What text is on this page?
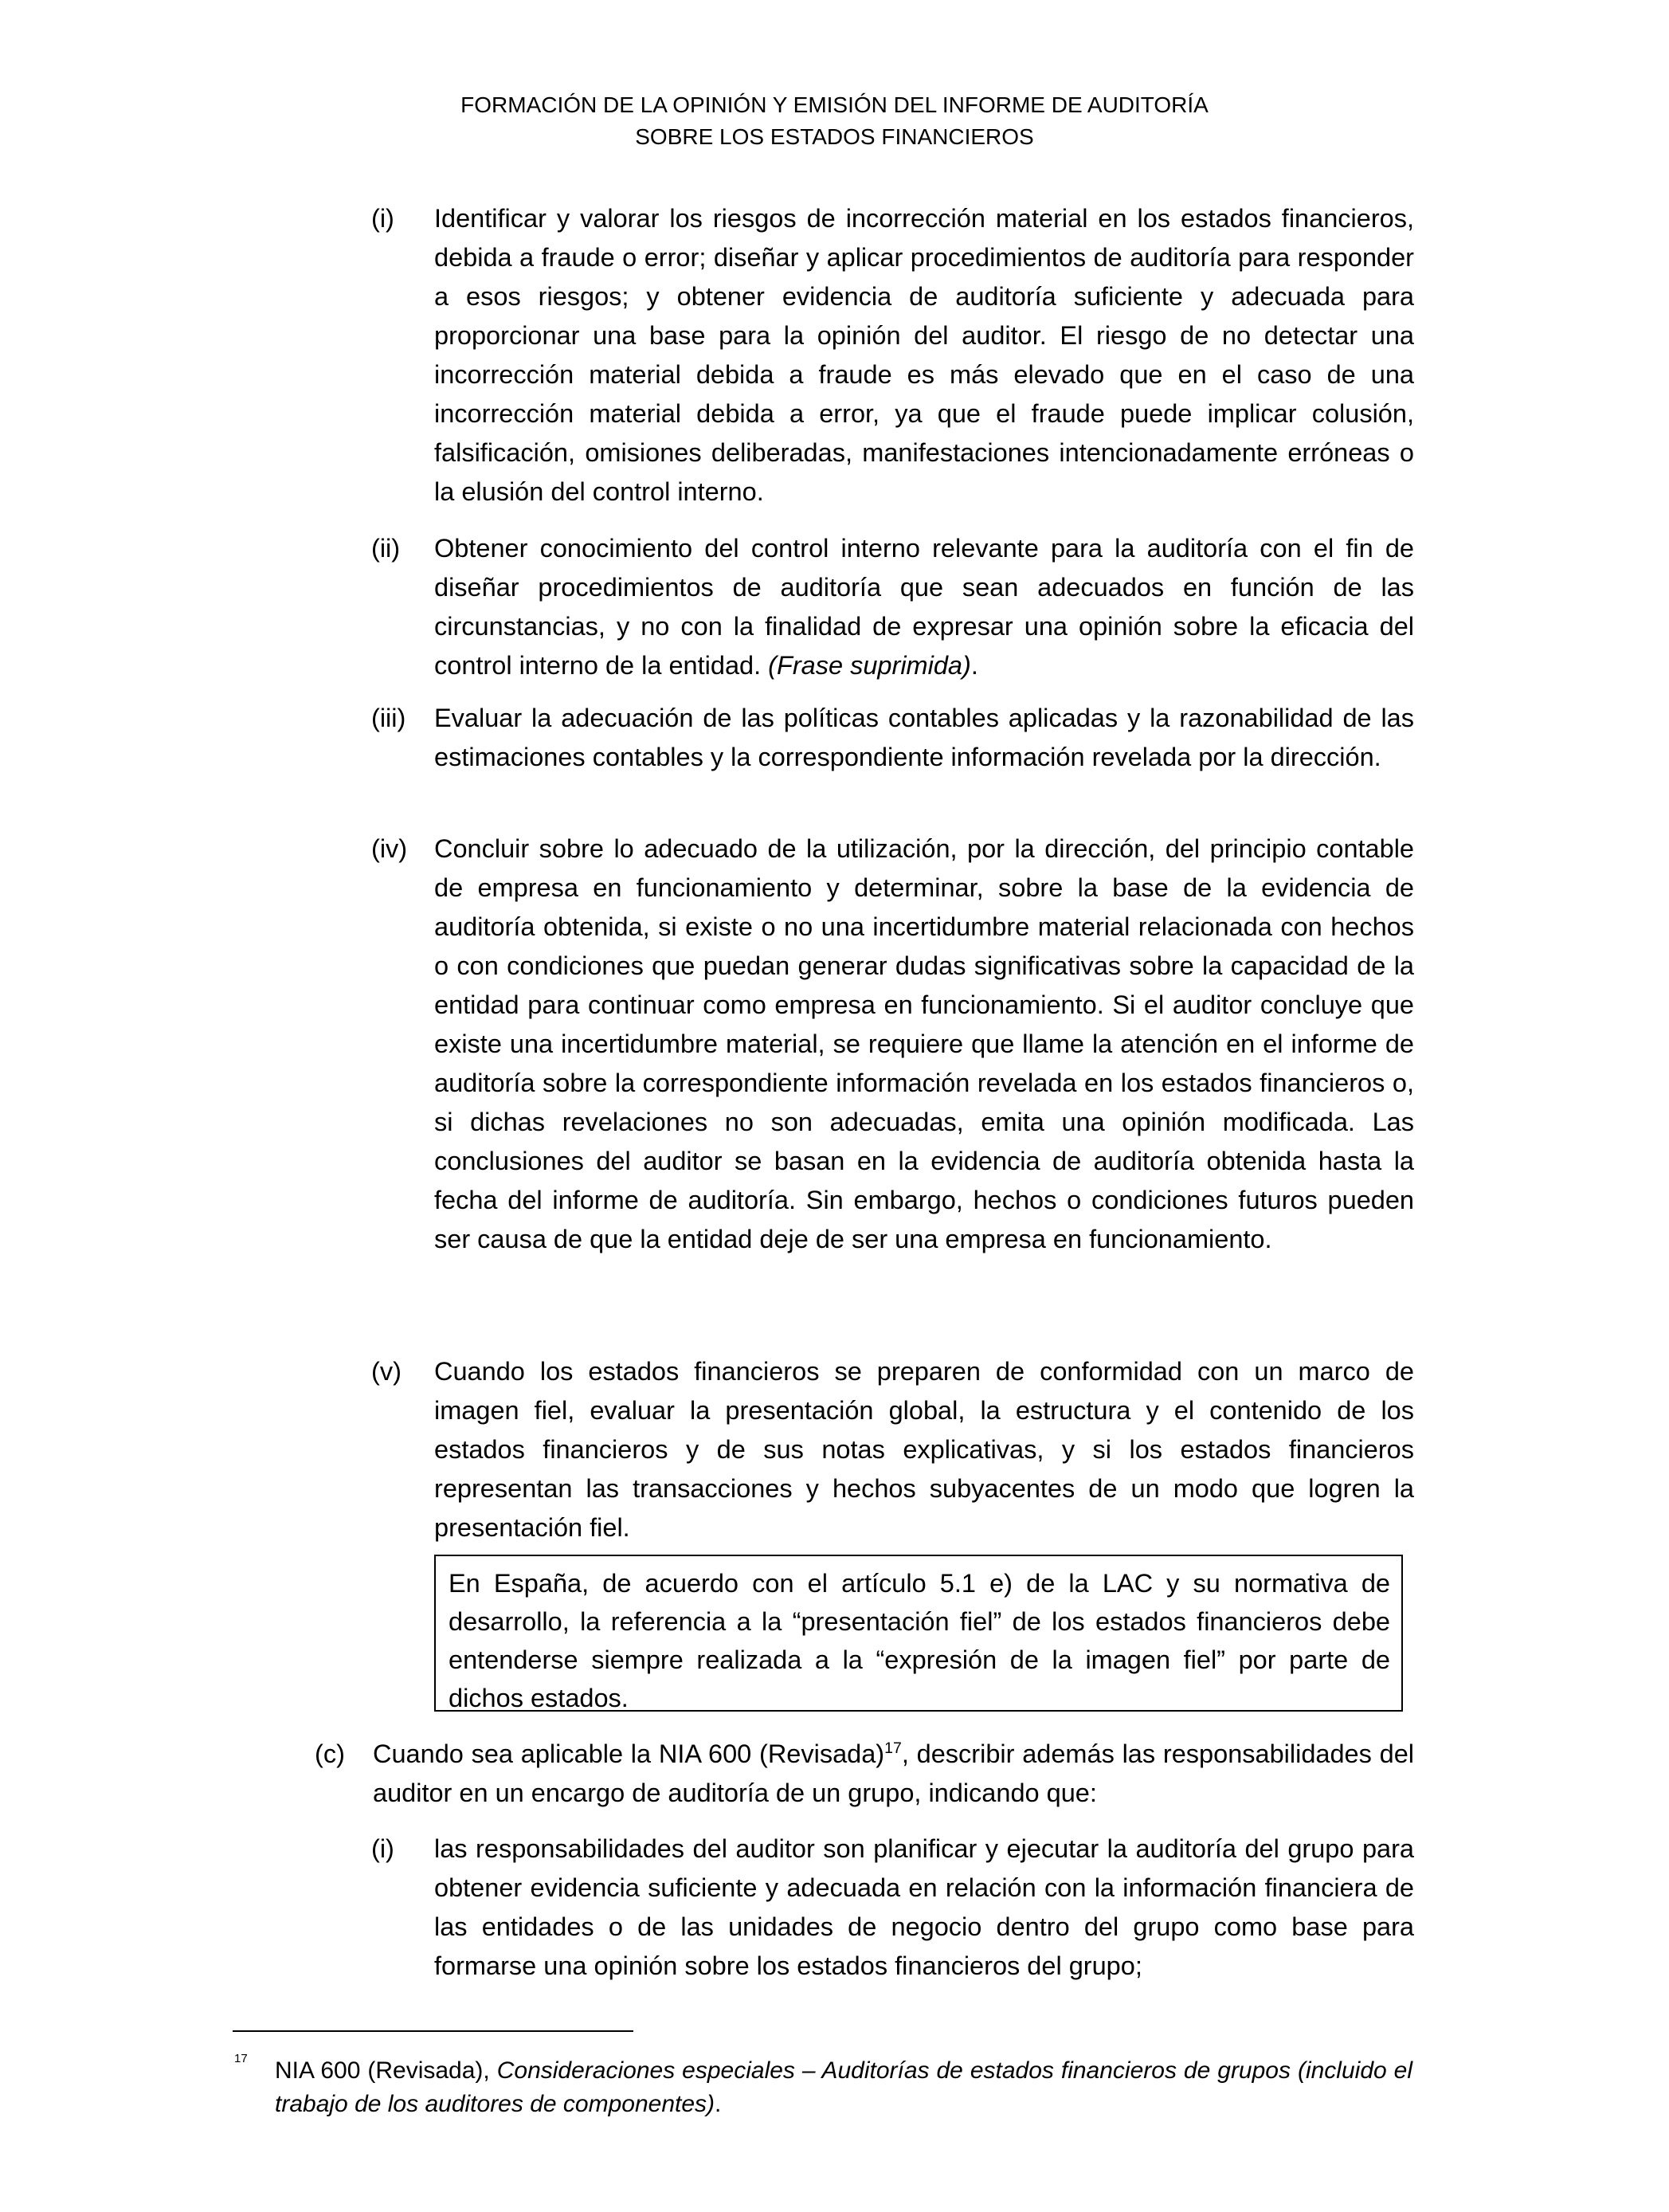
FORMACIÓN DE LA OPINIÓN Y EMISIÓN DEL INFORME DE AUDITORÍA
SOBRE LOS ESTADOS FINANCIEROS
(i) Identificar y valorar los riesgos de incorrección material en los estados financieros, debida a fraude o error; diseñar y aplicar procedimientos de auditoría para responder a esos riesgos; y obtener evidencia de auditoría suficiente y adecuada para proporcionar una base para la opinión del auditor. El riesgo de no detectar una incorrección material debida a fraude es más elevado que en el caso de una incorrección material debida a error, ya que el fraude puede implicar colusión, falsificación, omisiones deliberadas, manifestaciones intencionadamente erróneas o la elusión del control interno.
(ii) Obtener conocimiento del control interno relevante para la auditoría con el fin de diseñar procedimientos de auditoría que sean adecuados en función de las circunstancias, y no con la finalidad de expresar una opinión sobre la eficacia del control interno de la entidad. (Frase suprimida).
(iii) Evaluar la adecuación de las políticas contables aplicadas y la razonabilidad de las estimaciones contables y la correspondiente información revelada por la dirección.
(iv) Concluir sobre lo adecuado de la utilización, por la dirección, del principio contable de empresa en funcionamiento y determinar, sobre la base de la evidencia de auditoría obtenida, si existe o no una incertidumbre material relacionada con hechos o con condiciones que puedan generar dudas significativas sobre la capacidad de la entidad para continuar como empresa en funcionamiento. Si el auditor concluye que existe una incertidumbre material, se requiere que llame la atención en el informe de auditoría sobre la correspondiente información revelada en los estados financieros o, si dichas revelaciones no son adecuadas, emita una opinión modificada. Las conclusiones del auditor se basan en la evidencia de auditoría obtenida hasta la fecha del informe de auditoría. Sin embargo, hechos o condiciones futuros pueden ser causa de que la entidad deje de ser una empresa en funcionamiento.
(v) Cuando los estados financieros se preparen de conformidad con un marco de imagen fiel, evaluar la presentación global, la estructura y el contenido de los estados financieros y de sus notas explicativas, y si los estados financieros representan las transacciones y hechos subyacentes de un modo que logren la presentación fiel.
En España, de acuerdo con el artículo 5.1 e) de la LAC y su normativa de desarrollo, la referencia a la “presentación fiel” de los estados financieros debe entenderse siempre realizada a la “expresión de la imagen fiel” por parte de dichos estados.
(c) Cuando sea aplicable la NIA 600 (Revisada)$^{17}$, describir además las responsabilidades del auditor en un encargo de auditoría de un grupo, indicando que:
(i) las responsabilidades del auditor son planificar y ejecutar la auditoría del grupo para obtener evidencia suficiente y adecuada en relación con la información financiera de las entidades o de las unidades de negocio dentro del grupo como base para formarse una opinión sobre los estados financieros del grupo;
17 NIA 600 (Revisada), Consideraciones especiales – Auditorías de estados financieros de grupos (incluido el trabajo de los auditores de componentes).
